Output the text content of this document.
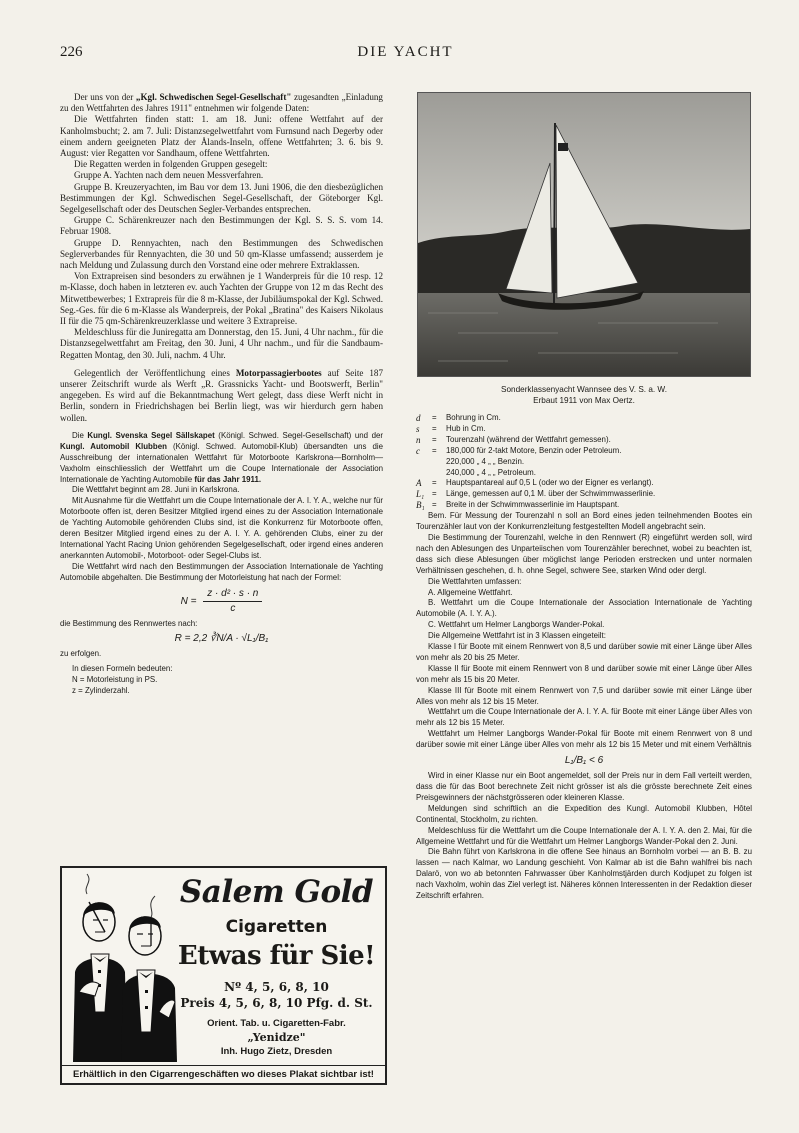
226	DIE YACHT

Der uns von der „Kgl. Schwedischen Segel-Gesellschaft" zugesandten „Einladung zu den Wettfahrten des Jahres 1911" entnehmen wir folgende Daten:

Die Wettfahrten finden statt: 1. am 18. Juni: offene Wettfahrt auf der Kanholmsbucht; 2. am 7. Juli: Distanzsegelwettfahrt vom Furnsund nach Degerby oder einem andern geeigneten Platz der Ålands-Inseln, offene Wettfahrten; 3. 6. bis 9. August: vier Regatten vor Sandhaum, offene Wettfahrten.

Die Regatten werden in folgenden Gruppen gesegelt:

Gruppe A. Yachten nach dem neuen Messverfahren.

Gruppe B. Kreuzeryachten, im Bau vor dem 13. Juni 1906, die den diesbezüglichen Bestimmungen der Kgl. Schwedischen Segel-Gesellschaft, der Göteborger Kgl. Segelgesellschaft oder des Deutschen Segler-Verbandes entsprechen.

Gruppe C. Schärenkreuzer nach den Bestimmungen der Kgl. S. S. S. vom 14. Februar 1908.

Gruppe D. Rennyachten, nach den Bestimmungen des Schwedischen Seglerverbandes für Rennyachten, die 30 und 50 qm-Klasse umfassend; ausserdem je nach Meldung und Zulassung durch den Vorstand eine oder mehrere Extraklassen.

Von Extrapreisen sind besonders zu erwähnen je 1 Wanderpreis für die 10 resp. 12 m-Klasse, doch haben in letzteren ev. auch Yachten der Gruppe von 12 m das Recht des Mitwettbewerbes; 1 Extrapreis für die 8 m-Klasse, der Jubiläumspokal der Kgl. Schwed. Seg.-Ges. für die 6 m-Klasse als Wanderpreis, der Pokal „Bratina" des Kaisers Nikolaus II für die 75 qm-Schärenkreuzerklasse und weitere 3 Extrapreise.

Meldeschluss für die Juniregatta am Donnerstag, den 15. Juni, 4 Uhr nachm., für die Distanzsegelwettfahrt am Freitag, den 30. Juni, 4 Uhr nachm., und für die Sandbaum-Regatten Montag, den 30. Juli, nachm. 4 Uhr.

Gelegentlich der Veröffentlichung eines Motorpassagierbootes auf Seite 187 unserer Zeitschrift wurde als Werft „R. Grassnicks Yacht- und Bootswerft, Berlin" angegeben. Es wird auf die Bekanntmachung Wert gelegt, dass diese Werft nicht in Berlin, sondern in Friedrichshagen bei Berlin liegt, was wir hierdurch gern haben wollen.

Die Kungl. Svenska Segel Sällskapet (Königl. Schwed. Segel-Gesellschaft) und der Kungl. Automobil Klubben (Königl. Schwed. Automobil-Klub) übersandten uns die Ausschreibung der internationalen Wettfahrt für Motorboote Karlskrona—Bornholm—Vaxholm einschliesslich der Wettfahrt um die Coupe Internationale der Association Internationale de Yachting Automobile für das Jahr 1911.

Die Wettfahrt beginnt am 28. Juni in Karlskrona.

Mit Ausnahme für die Wettfahrt um die Coupe Internationale der A. I. Y. A., welche nur für Motorboote offen ist, deren Besitzer Mitglied irgend eines zu der Association Internationale de Yachting Automobile gehörenden Clubs sind, ist die Konkurrenz für Motorboote offen, deren Besitzer Mitglied irgend eines zu der A. I. Y. A. gehörenden Clubs, einer zu der International Yacht Racing Union gehörenden Segelgesellschaft, oder irgend eines anderen anerkannten Automobil-, Motorboot- oder Segel-Clubs ist.

Die Wettfahrt wird nach den Bestimmungen der Association Internationale de Yachting Automobile abgehalten. Die Bestimmung der Motorleistung hat nach der Formel:

$N = \frac{\text{z · d² · s · n}}{c}$

die Bestimmung des Rennwertes nach:

R = 2,2 ∛N/A · √L₁/B₁

zu erfolgen.

In diesen Formeln bedeuten:

N = Motorleistung in PS.

z = Zylinderzahl.

Salem Gold
Cigaretten
Etwas für Sie!
Nº 4, 5, 6, 8, 10
Preis 4, 5, 6, 8, 10 Pfg. d. St.
Orient. Tab. u. Cigaretten-Fabr.
„Yenidze"
Inh. Hugo Zietz, Dresden
Erhältlich in den Cigarrengeschäften wo dieses Plakat sichtbar ist!
Sonderklassenyacht Wannsee des V. S. a. W.
Erbaut 1911 von Max Oertz.
d	=	Bohrung in Cm.
s	=	Hub in Cm.
n	=	Tourenzahl (während der Wettfahrt gemessen).
c	=	180,000 für 2-takt Motore, Benzin oder Petroleum.
220,000 „ 4 „ „ Benzin.
240,000 „ 4 „ „ Petroleum.
A	=	Hauptspantareal auf 0,5 L (oder wo der Eigner es verlangt).
L₁ =	Länge, gemessen auf 0,1 M. über der Schwimmwasserlinie.
B₁ =	Breite in der Schwimmwasserlinie im Hauptspant.

Bem. Für Messung der Tourenzahl n soll an Bord eines jeden teilnehmenden Bootes ein Tourenzähler laut von der Konkurrenzleitung festgestellten Modell angebracht sein.

Die Bestimmung der Tourenzahl, welche in den Rennwert (R) eingeführt werden soll, wird nach den Ablesungen des Unparteiischen vom Tourenzähler berechnet, wobei zu beachten ist, dass sich diese Ablesungen über möglichst lange Perioden erstrecken und unter normalen Verhältnissen geschehen, d. h. ohne Segel, schwere See, starken Wind oder dergl.

Die Wettfahrten umfassen:

A. Allgemeine Wettfahrt.

B. Wettfahrt um die Coupe Internationale der Association Internationale de Yachting Automobile (A. I. Y. A.).

C. Wettfahrt um Helmer Langborgs Wander-Pokal.

Die Allgemeine Wettfahrt ist in 3 Klassen eingeteilt:

Klasse I für Boote mit einem Rennwert von 8,5 und darüber sowie mit einer Länge über Alles von mehr als 20 bis 25 Meter.

Klasse II für Boote mit einem Rennwert von 8 und darüber sowie mit einer Länge über Alles von mehr als 15 bis 20 Meter.

Klasse III für Boote mit einem Rennwert von 7,5 und darüber sowie mit einer Länge über Alles von mehr als 12 bis 15 Meter.

Wettfahrt um die Coupe Internationale der A. I. Y. A. für Boote mit einer Länge über Alles von mehr als 12 bis 15 Meter.

Wettfahrt um Helmer Langborgs Wander-Pokal für Boote mit einem Rennwert von 8 und darüber sowie mit einer Länge über Alles von mehr als 12 bis 15 Meter und mit einem Verhältnis

L₁/B₁ < 6

Wird in einer Klasse nur ein Boot angemeldet, soll der Preis nur in dem Fall verteilt werden, dass die für das Boot berechnete Zeit nicht grösser ist als die grösste berechnete Zeit eines Preisgewinners der nächstgrösseren oder kleineren Klasse.

Meldungen sind schriftlich an die Expedition des Kungl. Automobil Klubben, Hôtel Continental, Stockholm, zu richten.

Meldeschluss für die Wettfahrt um die Coupe Internationale der A. I. Y. A. den 2. Mai, für die Allgemeine Wettfahrt und für die Wettfahrt um Helmer Langborgs Wander-Pokal den 2. Juni.

Die Bahn führt von Karlskrona in die offene See hinaus an Bornholm vorbei — an B. B. zu lassen — nach Kalmar, wo Landung geschieht. Von Kalmar ab ist die Bahn wahlfrei bis nach Dalarö, von wo ab betonnten Fahrwasser über Kanholmstjärden durch Kodjupet zu folgen ist nach Vaxholm, wohin das Ziel verlegt ist. Näheres können Interessenten in der Redaktion dieser Zeitschrift erfahren.
